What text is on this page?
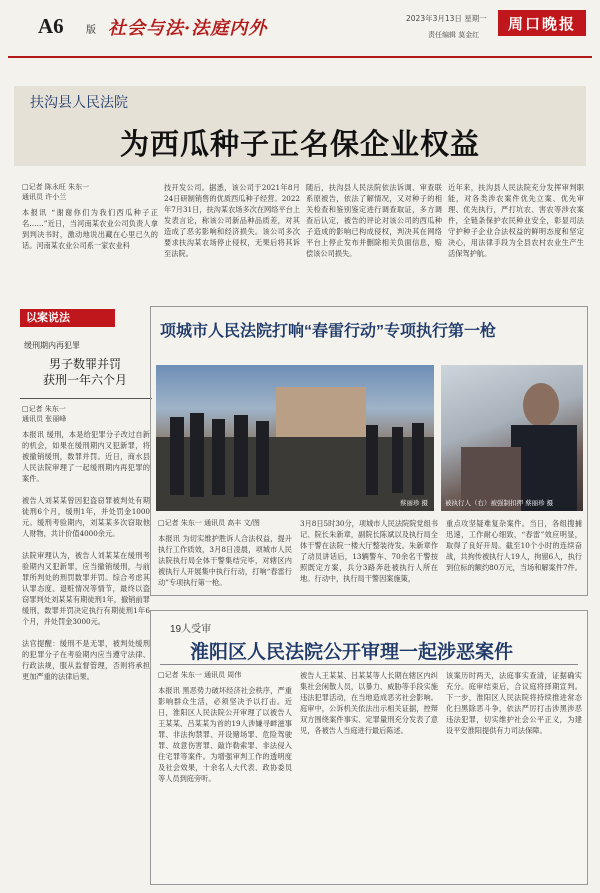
A6 版 社会与法·法庭内外	2023年3月13日 星期一
责任编辑 莫金红
周口晚报
扶沟县人民法院
为西瓜种子正名保企业权益
□记者 陈永旺 朱东一
通讯员 许小兰
本报讯 “谢谢你们为我们西瓜种子正名……”近日，当河南某农业公司负责人拿到判决书时，激动地说出藏在心里已久的话。河南某农业公司系一家农业科
技开发公司。据悉，该公司于2021年8月24日研制销售的优质西瓜种子经营。2022年7月31日，扶沟某农场多次在网络平台上发表言论，称该公司新品种品质差，对其造成了恶劣影响和经济损失。该公司多次要求扶沟某农场停止侵权，无果后将其诉至法院。
随后，扶沟县人民法院依法诉调、审查联系原被告，依法了解情况，又对种子的相关检查和鉴别鉴定进行调查取证，多方调查后认定，被告的评论对该公司的西瓜种子造成的影响已构成侵权，判决其在网络平台上停止发布并删除相关负面信息，赔偿该公司损失。
近年来，扶沟县人民法院充分发挥审判职能，对各类涉农案件优先立案、优先审理、优先执行，严打坑农、害农等涉农案件，全链条保护农民种业安全，彰显司法守护种子企业合法权益的鲜明态度和坚定决心，用法律手段为全县农村农业生产生活保驾护航。
以案说法
缓刑期内再犯罪
男子数罪并罚
获刑一年六个月
□记者 朱东一
通讯员 张丽峰
本报讯 缓刑，本是给犯罪分子改过自新的机会，如果在缓刑期内又犯新罪，将被撤销缓刑，数罪并罚。近日，商水县人民法院审理了一起缓刑期内再犯罪的案件。

被告人刘某某曾因犯盗窃罪被判处有期徒刑6个月，缓刑1年，并处罚金1000元。缓刑考验期内，刘某某多次窃取他人财物，共计价值4000余元。

法院审理认为，被告人刘某某在缓刑考验期内又犯新罪，应当撤销缓刑，与前罪所判处的刑罚数罪并罚。综合考虑其认罪态度、退赃情况等情节，最终以盗窃罪判处刘某某有期徒刑1年，撤销前罪缓刑，数罪并罚决定执行有期徒刑1年6个月，并处罚金3000元。

法官提醒：缓刑不是无罪，被判处缓刑的犯罪分子在考验期内应当遵守法律、行政法规，服从监督管理，否则将承担更加严重的法律后果。
项城市人民法院打响“春雷行动”专项执行第一枪
蔡丽珍 摄	被执行人（右）被强制扣押 蔡丽珍 摄
□记者 朱东一 通讯员 高丰 文/图
本报讯 为切实维护胜诉人合法权益，提升执行工作质效，3月8日凌晨，项城市人民法院执行局全体干警集结完毕，对辖区内被执行人开展集中执行行动，打响“春雷行动”专项执行第一枪。
3月8日5时30分，项城市人民法院院党组书记、院长朱新章，副院长陈斌以及执行局全体干警在法院一楼大厅整装待发。朱新章作了动员讲话后，13辆警车、70余名干警按照既定方案，兵分3路奔赴被执行人所在地。行动中，执行局干警因案施策，
重点攻坚疑难复杂案件。当日，各组搜捕迅速，工作耐心细致，“春雷”效应明显，取得了良好开局。截至10个小时的连续奋战，共拘传被执行人19人，拘留6人，执行到位标的额约80万元，当场和解案件7件。
19人受审
淮阳区人民法院公开审理一起涉恶案件
□记者 朱东一 通讯员 周伟
本报讯 黑恶势力破坏经济社会秩序，严重影响群众生活，必须坚决予以打击。近日，淮阳区人民法院公开审理了以被告人王某某、吕某某为首的19人涉嫌寻衅滋事罪、非法拘禁罪、开设赌场罪、危险驾驶罪、故意伤害罪、敲诈勒索罪、非法侵入住宅罪等案件。为增强审判工作的透明度及社会效果，十余名人大代表、政协委员等人员到庭旁听。
被告人王某某、吕某某等人长期在辖区内纠集社会闲散人员，以暴力、威胁等手段实施违法犯罪活动，在当地造成恶劣社会影响。庭审中，公诉机关依法出示相关证据，控辩双方围绕案件事实、定罪量刑充分发表了意见，各被告人当庭进行最后陈述。
该案历时两天，法庭事实查清，证据确实充分。庭审结束后，合议庭将择期宣判。下一步，淮阳区人民法院将持续推进常态化扫黑除恶斗争，依法严厉打击涉黑涉恶违法犯罪，切实维护社会公平正义，为建设平安淮阳提供有力司法保障。
